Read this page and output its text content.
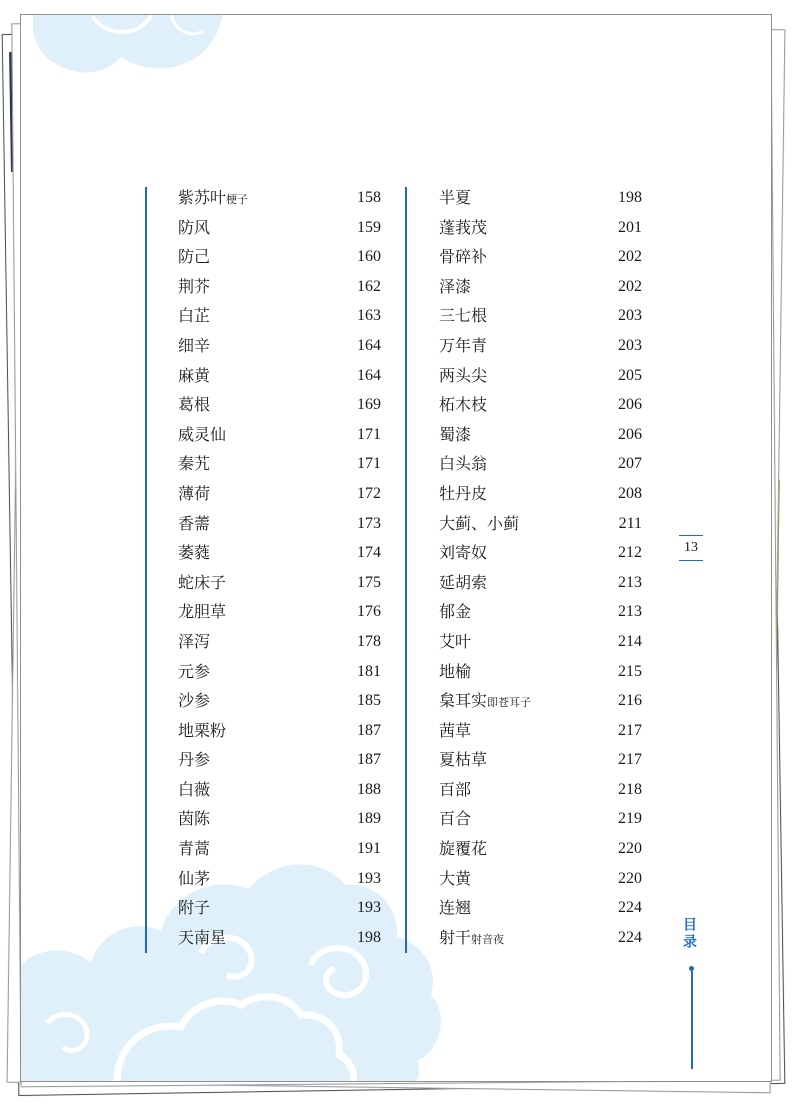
紫苏叶梗子	158
防风	159
防己	160
荆芥	162
白芷	163
细辛	164
麻黄	164
葛根	169
威灵仙	171
秦艽	171
薄荷	172
香薷	173
萎蕤	174
蛇床子	175
龙胆草	176
泽泻	178
元参	181
沙参	185
地栗粉	187
丹参	187
白薇	188
茵陈	189
青蒿	191
仙茅	193
附子	193
天南星	198
半夏	198
蓬莪茂	201
骨碎补	202
泽漆	202
三七根	203
万年青	203
两头尖	205
柘木枝	206
蜀漆	206
白头翁	207
牡丹皮	208
大蓟、小蓟	211
刘寄奴	212
延胡索	213
郁金	213
艾叶	214
地榆	215
枲耳实即苍耳子	216
茜草	217
夏枯草	217
百部	218
百合	219
旋覆花	220
大黄	220
连翘	224
射干射音夜	224
13
目录
